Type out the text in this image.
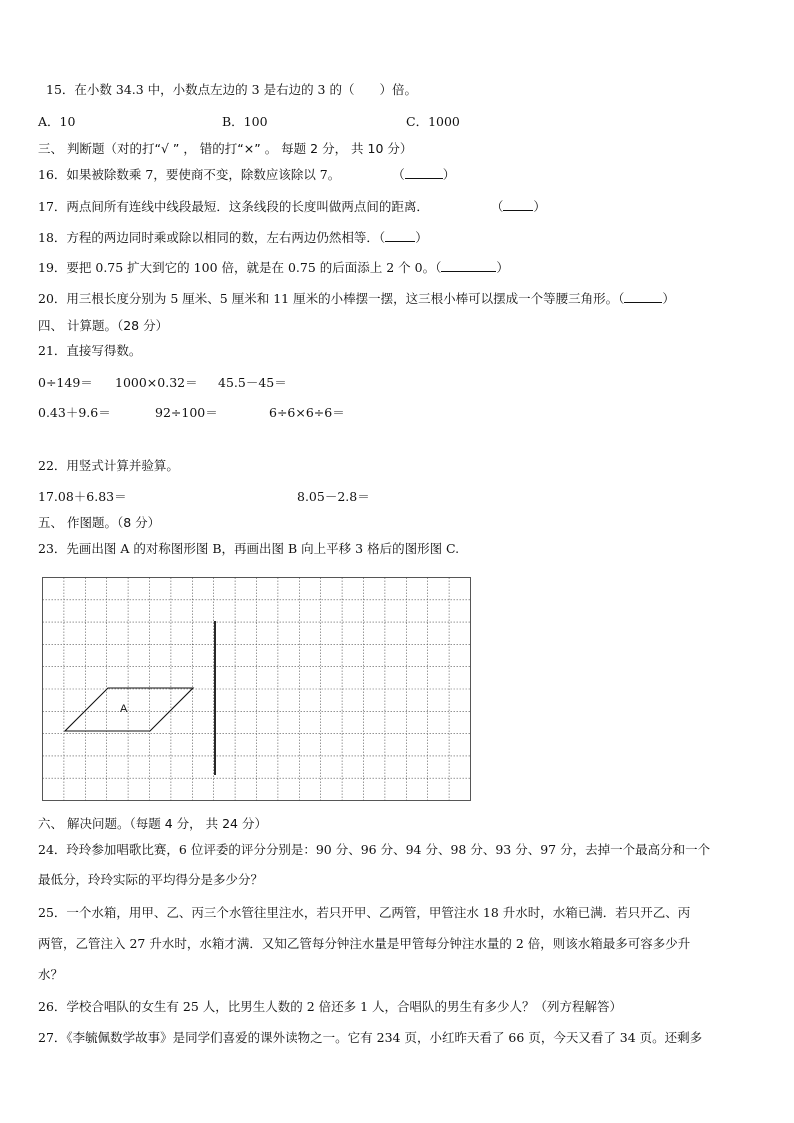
15．在小数 34.3 中，小数点左边的 3 是右边的 3 的（　　）倍。
A．10	B．100	C．1000
三、 判断题（对的打“√ ” ， 错的打“×” 。 每题 2 分， 共 10 分）
16．如果被除数乘 7，要使商不变，除数应该除以 7。	（	）
17．两点间所有连线中线段最短．这条线段的长度叫做两点间的距离．	（ ）
18．方程的两边同时乘或除以相同的数，左右两边仍然相等．（ ）
19．要把 0.75 扩大到它的 100 倍，就是在 0.75 的后面添上 2 个 0。（	）
20．用三根长度分别为 5 厘米、5 厘米和 11 厘米的小棒摆一摆，这三根小棒可以摆成一个等腰三角形。（	）
四、 计算题。（28 分）
21．直接写得数。
0÷149＝ 1000×0.32＝ 45.5－45＝
0.43＋9.6＝	92÷100＝	6÷6×6÷6＝
22．用竖式计算并验算。
17.08＋6.83＝	8.05－2.8＝
五、 作图题。（8 分）
23．先画出图 A 的对称图形图 B，再画出图 B 向上平移 3 格后的图形图 C.
A
六、 解决问题。（每题 4 分， 共 24 分）
24．玲玲参加唱歌比赛，6 位评委的评分分别是：90 分、96 分、94 分、98 分、93 分、97 分，去掉一个最高分和一个
最低分，玲玲实际的平均得分是多少分？
25．一个水箱，用甲、乙、丙三个水管往里注水，若只开甲、乙两管，甲管注水 18 升水时，水箱已满．若只开乙、丙
两管，乙管注入 27 升水时，水箱才满．又知乙管每分钟注水量是甲管每分钟注水量的 2 倍，则该水箱最多可容多少升
水？
26．学校合唱队的女生有 25 人，比男生人数的 2 倍还多 1 人，合唱队的男生有多少人？（列方程解答）
27．《李毓佩数学故事》是同学们喜爱的课外读物之一。它有 234 页，小红昨天看了 66 页，今天又看了 34 页。还剩多
